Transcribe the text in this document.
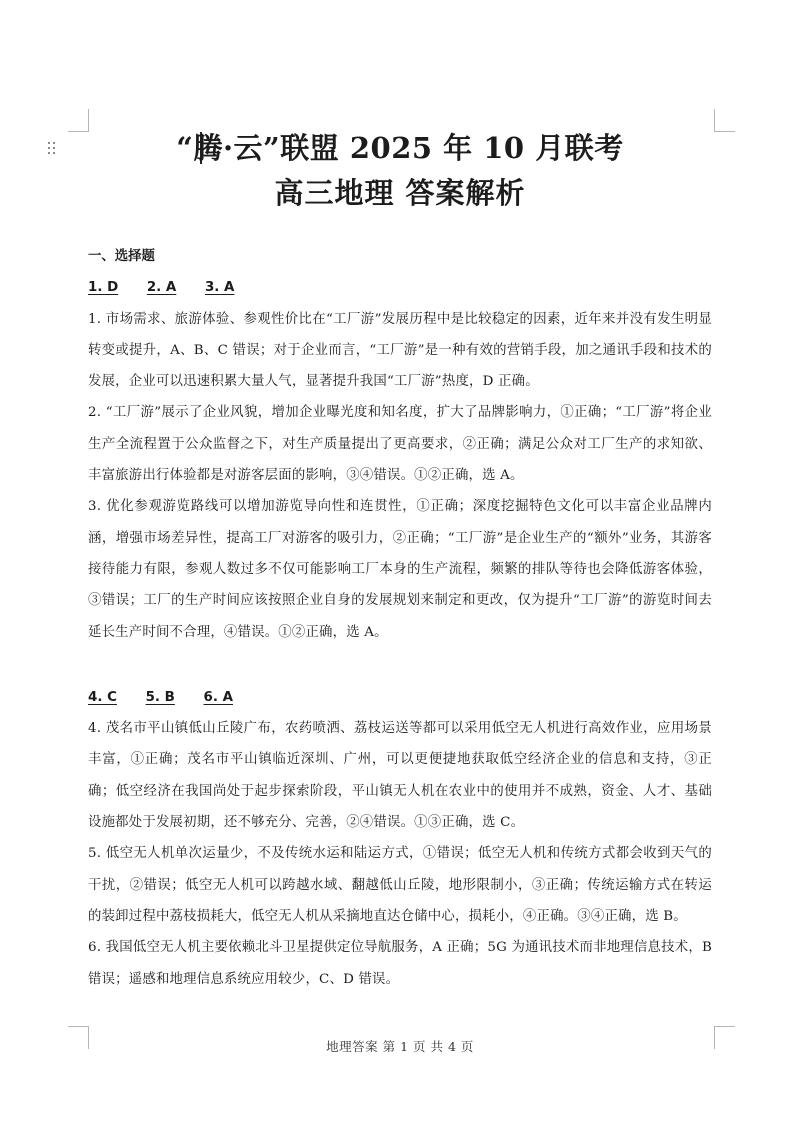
“腾·云”联盟 2025 年 10 月联考
高三地理 答案解析
一、选择题
1. D 2. A 3. A
1. 市场需求、旅游体验、参观性价比在“工厂游”发展历程中是比较稳定的因素，近年来并没有发生明显转变或提升，A、B、C 错误；对于企业而言，“工厂游”是一种有效的营销手段，加之通讯手段和技术的发展，企业可以迅速积累大量人气，显著提升我国“工厂游”热度，D 正确。
2. “工厂游”展示了企业风貌，增加企业曝光度和知名度，扩大了品牌影响力，①正确；“工厂游”将企业生产全流程置于公众监督之下，对生产质量提出了更高要求，②正确；满足公众对工厂生产的求知欲、丰富旅游出行体验都是对游客层面的影响，③④错误。①②正确，选 A。
3. 优化参观游览路线可以增加游览导向性和连贯性，①正确；深度挖掘特色文化可以丰富企业品牌内涵，增强市场差异性，提高工厂对游客的吸引力，②正确；“工厂游”是企业生产的“额外”业务，其游客接待能力有限，参观人数过多不仅可能影响工厂本身的生产流程，频繁的排队等待也会降低游客体验，③错误；工厂的生产时间应该按照企业自身的发展规划来制定和更改，仅为提升“工厂游”的游览时间去延长生产时间不合理，④错误。①②正确，选 A。
4. C 5. B 6. A
4. 茂名市平山镇低山丘陵广布，农药喷洒、荔枝运送等都可以采用低空无人机进行高效作业，应用场景丰富，①正确；茂名市平山镇临近深圳、广州，可以更便捷地获取低空经济企业的信息和支持，③正确；低空经济在我国尚处于起步探索阶段，平山镇无人机在农业中的使用并不成熟，资金、人才、基础设施都处于发展初期，还不够充分、完善，②④错误。①③正确，选 C。
5. 低空无人机单次运量少，不及传统水运和陆运方式，①错误；低空无人机和传统方式都会收到天气的干扰，②错误；低空无人机可以跨越水域、翻越低山丘陵，地形限制小，③正确；传统运输方式在转运的装卸过程中荔枝损耗大，低空无人机从采摘地直达仓储中心，损耗小，④正确。③④正确，选 B。
6. 我国低空无人机主要依赖北斗卫星提供定位导航服务，A 正确；5G 为通讯技术而非地理信息技术，B 错误；遥感和地理信息系统应用较少，C、D 错误。
地理答案 第 1 页 共 4 页
